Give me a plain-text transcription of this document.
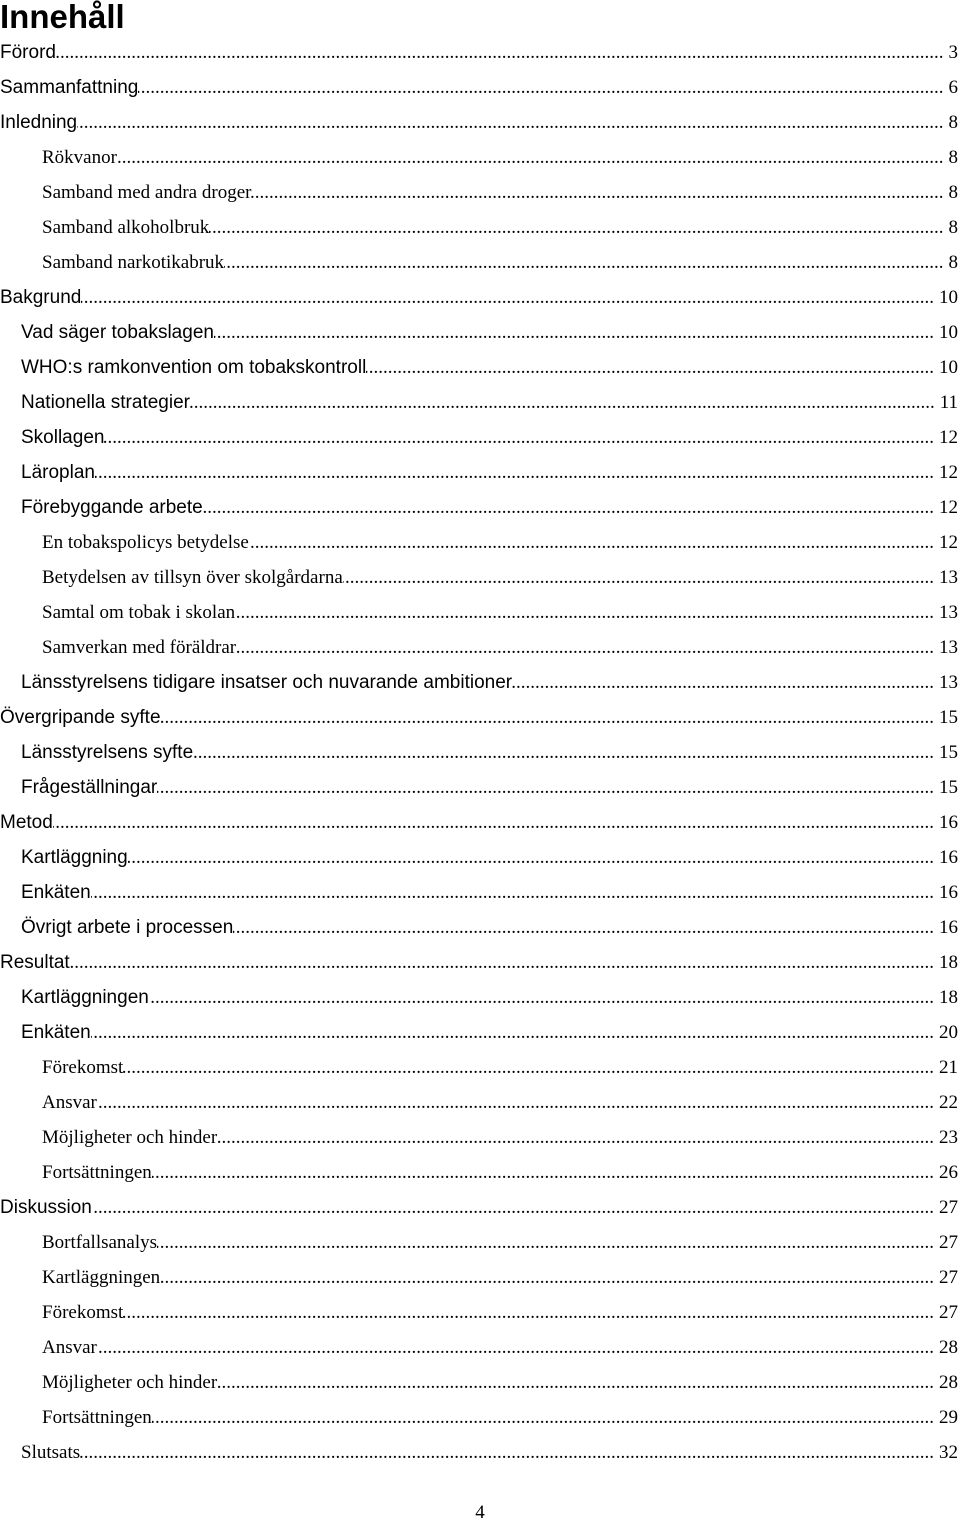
Innehåll
Förord .....	3
Sammanfattning .....	6
Inledning .....	8
Rökvanor .....	8
Samband med andra droger .....	8
Samband alkoholbruk .....	8
Samband narkotikabruk .....	8
Bakgrund .....	10
Vad säger tobakslagen .....	10
WHO:s ramkonvention om tobakskontroll .....	10
Nationella strategier .....	11
Skollagen .....	12
Läroplan .....	12
Förebyggande arbete .....	12
En tobakspolicys betydelse .....	12
Betydelsen av tillsyn över skolgårdarna .....	13
Samtal om tobak i skolan .....	13
Samverkan med föräldrar .....	13
Länsstyrelsens tidigare insatser och nuvarande ambitioner .....	13
Övergripande syfte .....	15
Länsstyrelsens syfte .....	15
Frågeställningar .....	15
Metod .....	16
Kartläggning .....	16
Enkäten .....	16
Övrigt arbete i processen .....	16
Resultat .....	18
Kartläggningen .....	18
Enkäten .....	20
Förekomst .....	21
Ansvar .....	22
Möjligheter och hinder .....	23
Fortsättningen .....	26
Diskussion .....	27
Bortfallsanalys .....	27
Kartläggningen .....	27
Förekomst .....	27
Ansvar .....	28
Möjligheter och hinder .....	28
Fortsättningen .....	29
Slutsats .....	32
4
